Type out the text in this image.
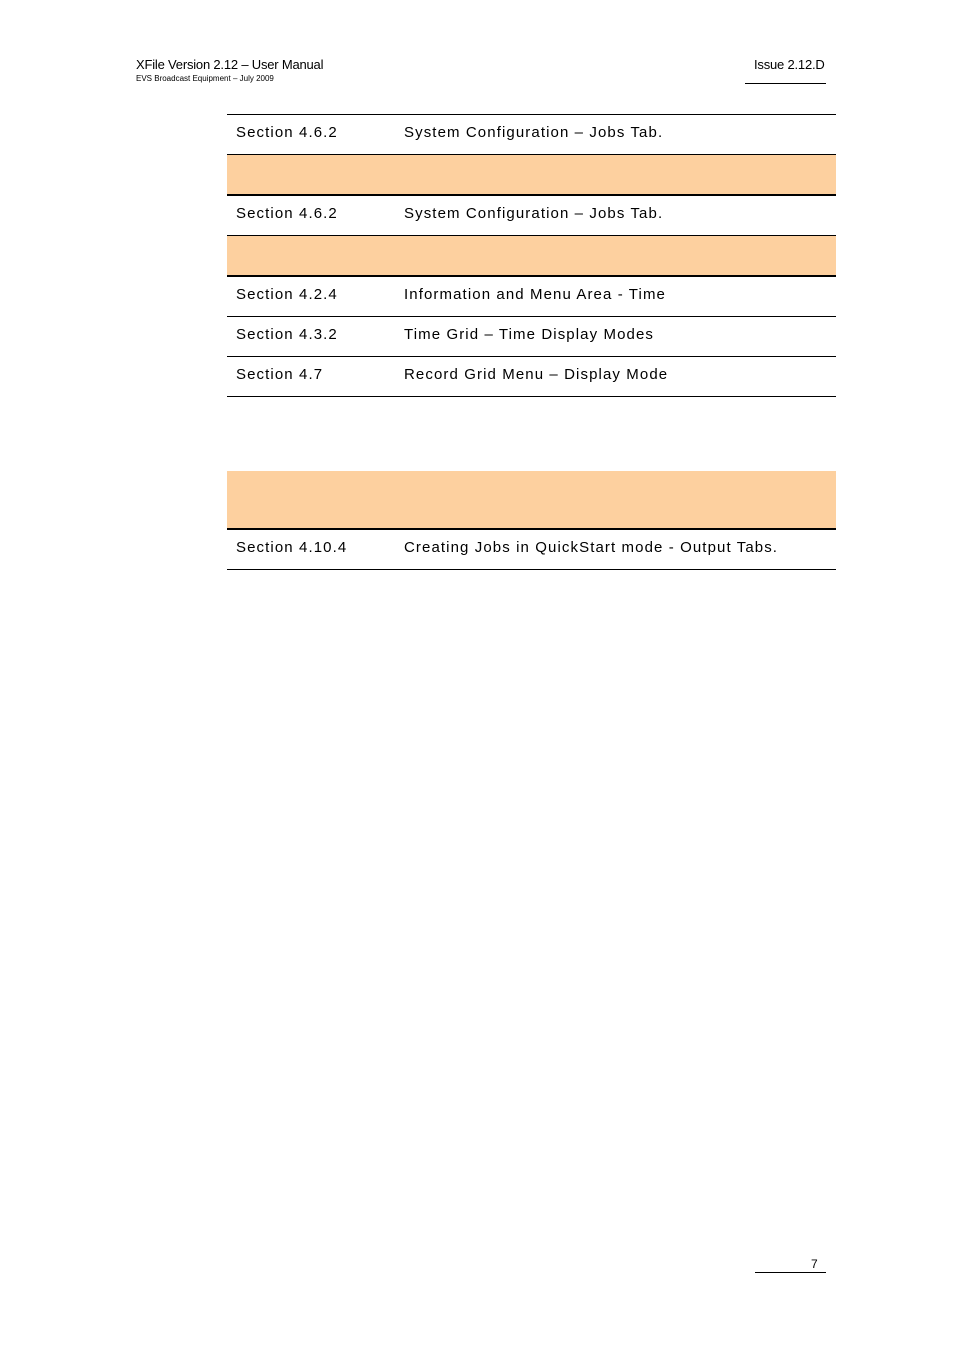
XFile Version 2.12 – User Manual
EVS Broadcast Equipment – July 2009
Issue 2.12.D
Section 4.6.2	System Configuration – Jobs Tab.
Section 4.6.2	System Configuration – Jobs Tab.
Section 4.2.4	Information and Menu Area - Time
Section 4.3.2	Time Grid – Time Display Modes
Section 4.7	Record Grid Menu – Display Mode
Section 4.10.4	Creating Jobs in QuickStart mode - Output Tabs.
7
